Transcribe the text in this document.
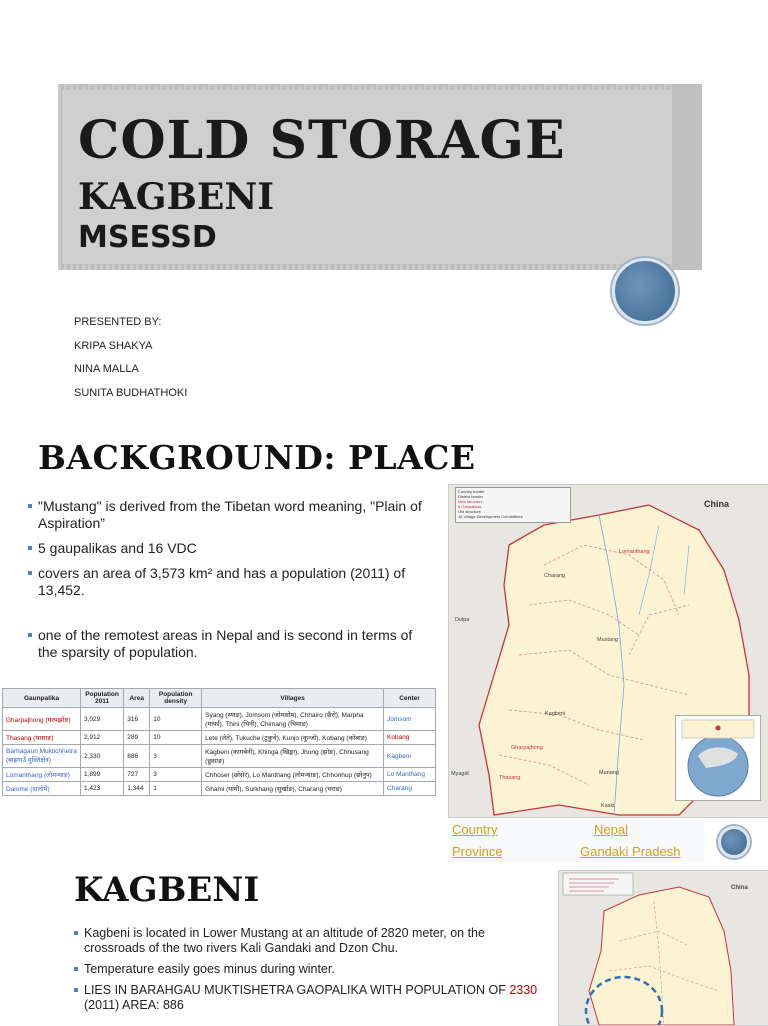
COLD STORAGE
KAGBENI
MSESSD
PRESENTED BY:
KRIPA SHAKYA
NINA MALLA
SUNITA BUDHATHOKI
BACKGROUND: PLACE
"Mustang" is derived from the Tibetan word meaning, "Plain of Aspiration”
5 gaupalikas and 16 VDC
covers an area of 3,573 km² and has a population (2011) of 13,452.
one of the remotest areas in Nepal and is second in terms of the sparsity of population.
Gaunpalika	Population 2011	Area	Population density	Villages	Center
Gharpajhong (घरपझोङ)	3,029	316	10	Syang (स्याङ), Jomsom (जोमसोम), Chhairo (छैरो), Marpha (मार्फा), Thini (थिनी), Chimang (चिमाङ)	Jomsom
Thasang (थासाङ)	2,912	289	10	Lete (लेते), Tukuche (टुकुचे), Kunjo (कुन्जो), Kobang (कोबाङ)	Kobang
Barhagaun Muktichhetra (बाह्रगाउँ मुक्तिक्षेत्र)	2,330	886	3	Kagbeni (कागबेनी), Khinga (खिङ्गा), Jhong (झोङ), Chhusang (छुसाङ)	Kagbeni
Lomanthang (लोमन्थाङ)	1,899	727	3	Chhoser (छोसेर), Lo Manthang (लोमन्थाङ), Chhonhup (छोनुप)	Lo Manthang
Dalome (दालोमे)	1,423	1,344	1	Ghami (घामी), Surkhang (सुर्खाङ), Charang (चराङ)	Charang
Country border
District border
New structure
5 Gaupalikas
Old structure
16 Village Development Committees
China
Lomanthang
Charang
Dolpa
Mustang
Gharpajhong
Thasang
Kagbeni
Manang
Kaski
Myagdi
Country	Nepal
Province	Gandaki Pradesh
KAGBENI
Kagbeni is located in Lower Mustang at an altitude of 2820 meter, on the crossroads of the two rivers Kali Gandaki and Dzon Chu.
Temperature easily goes minus during winter.
LIES IN BARAHGAU MUKTISHETRA GAOPALIKA WITH POPULATION OF 2330 (2011) AREA: 886
China
